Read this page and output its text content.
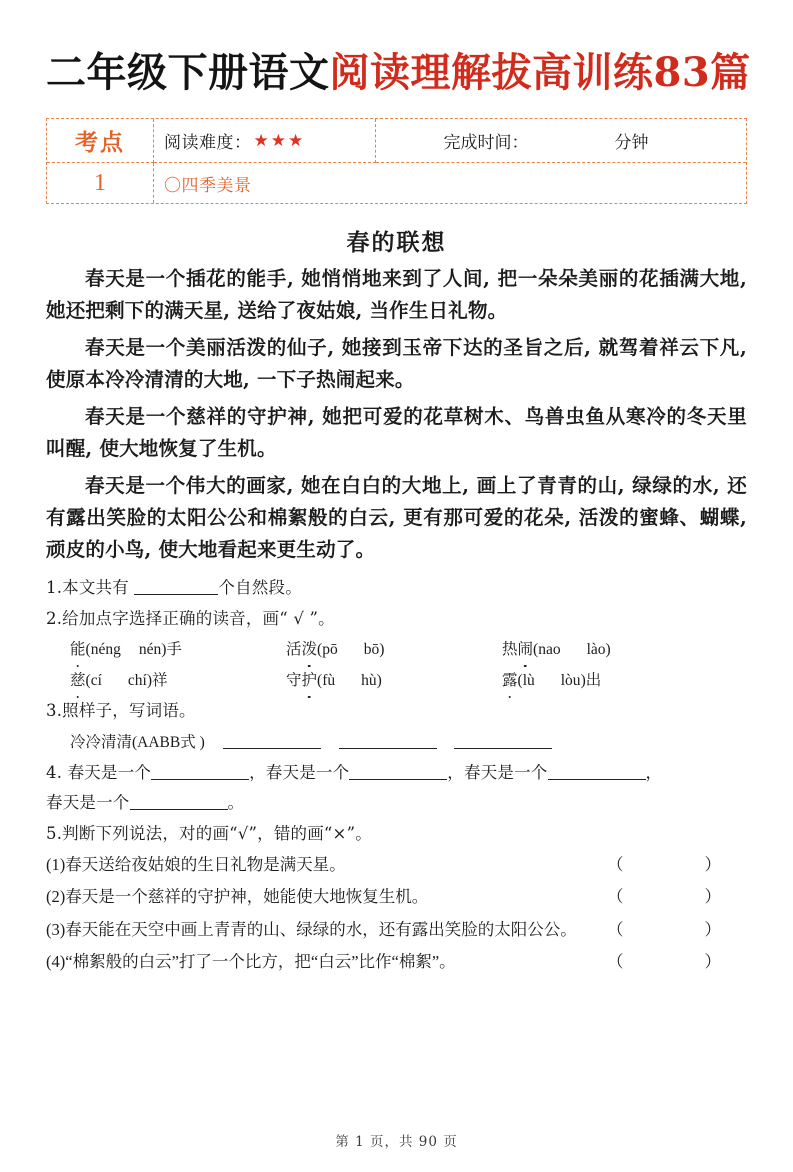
二年级下册语文阅读理解拔高训练83篇
考点	阅读难度： ★★★	完成时间：	分钟
1	〇四季美景
春的联想

春天是一个插花的能手, 她悄悄地来到了人间, 把一朵朵美丽的花插满大地, 她还把剩下的满天星, 送给了夜姑娘, 当作生日礼物。

春天是一个美丽活泼的仙子, 她接到玉帝下达的圣旨之后, 就驾着祥云下凡, 使原本冷冷清清的大地, 一下子热闹起来。

春天是一个慈祥的守护神, 她把可爱的花草树木、鸟兽虫鱼从寒冷的冬天里叫醒, 使大地恢复了生机。

春天是一个伟大的画家, 她在白白的大地上, 画上了青青的山, 绿绿的水, 还有露出笑脸的太阳公公和棉絮般的白云, 更有那可爱的花朵, 活泼的蜜蜂、蝴蝶, 顽皮的小鸟, 使大地看起来更生动了。

1.本文共有	个自然段。
2.给加点字选择正确的读音，画“ √ ”。
能(néng nén)手	活泼(pō bō)	热闹(nao lào)
慈(cí chí)祥	守护(fù hù)	露(lù lòu)出
3.照样子，写词语。
冷冷清清(AABB式 )
4. 春天是一个	，春天是一个	，春天是一个	，
春天是一个	。
5.判断下列说法，对的画“√”，错的画“×”。
(1)春天送给夜姑娘的生日礼物是满天星。	（　　）
(2)春天是一个慈祥的守护神，她能使大地恢复生机。	（　　）
(3)春天能在天空中画上青青的山、绿绿的水，还有露出笑脸的太阳公公。 （　　）
(4)“棉絮般的白云”打了一个比方，把“白云”比作“棉絮”。	（　　）
第 1 页，共 90 页
